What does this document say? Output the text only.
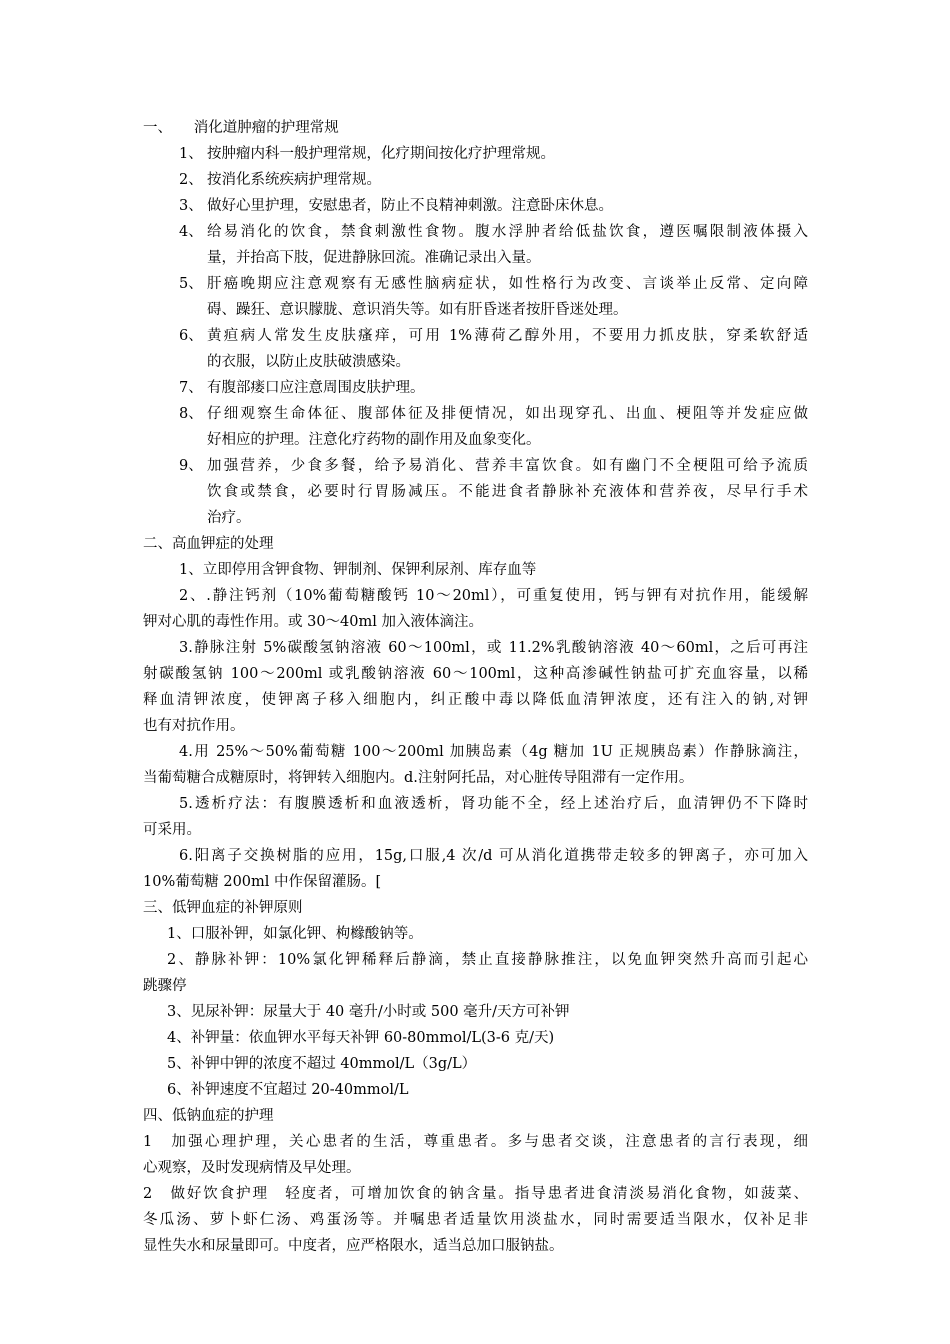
一、　　消化道肿瘤的护理常规
1、 按肿瘤内科一般护理常规，化疗期间按化疗护理常规。
2、 按消化系统疾病护理常规。
3、 做好心里护理，安慰患者，防止不良精神刺激。注意卧床休息。
4、 给易消化的饮食，禁食刺激性食物。腹水浮肿者给低盐饮食，遵医嘱限制液体摄入
量，并抬高下肢，促进静脉回流。准确记录出入量。
5、 肝癌晚期应注意观察有无感性脑病症状，如性格行为改变、言谈举止反常、定向障
碍、躁狂、意识朦胧、意识消失等。如有肝昏迷者按肝昏迷处理。
6、 黄疸病人常发生皮肤瘙痒，可用 1%薄荷乙醇外用，不要用力抓皮肤，穿柔软舒适
的衣服，以防止皮肤破溃感染。
7、 有腹部瘘口应注意周围皮肤护理。
8、 仔细观察生命体征、腹部体征及排便情况，如出现穿孔、出血、梗阻等并发症应做
好相应的护理。注意化疗药物的副作用及血象变化。
9、 加强营养，少食多餐，给予易消化、营养丰富饮食。如有幽门不全梗阻可给予流质
饮食或禁食，必要时行胃肠减压。不能进食者静脉补充液体和营养夜，尽早行手术
治疗。
二、高血钾症的处理
1、立即停用含钾食物、钾制剂、保钾利尿剂、库存血等
2、.静注钙剂（10%葡萄糖酸钙 10～20ml），可重复使用，钙与钾有对抗作用，能缓解
钾对心肌的毒性作用。或 30～40ml 加入液体滴注。
3.静脉注射 5%碳酸氢钠溶液 60～100ml，或 11.2%乳酸钠溶液 40～60ml，之后可再注
射碳酸氢钠 100～200ml 或乳酸钠溶液 60～100ml，这种高渗碱性钠盐可扩充血容量，以稀
释血清钾浓度，使钾离子移入细胞内，纠正酸中毒以降低血清钾浓度，还有注入的钠,对钾
也有对抗作用。
4.用 25%～50%葡萄糖 100～200ml 加胰岛素（4g 糖加 1U 正规胰岛素）作静脉滴注，
当葡萄糖合成糖原时，将钾转入细胞内。d.注射阿托品，对心脏传导阻滞有一定作用。
5.透析疗法：有腹膜透析和血液透析，肾功能不全，经上述治疗后，血清钾仍不下降时
可采用。
6.阳离子交换树脂的应用，15g,口服,4 次/d 可从消化道携带走较多的钾离子，亦可加入
10%葡萄糖 200ml 中作保留灌肠。[
三、低钾血症的补钾原则
1、口服补钾，如氯化钾、枸橼酸钠等。
2、静脉补钾：10%氯化钾稀释后静滴，禁止直接静脉推注，以免血钾突然升高而引起心
跳骤停
3、见尿补钾：尿量大于 40 毫升/小时或 500 毫升/天方可补钾
4、补钾量：依血钾水平每天补钾 60-80mmol/L(3-6 克/天)
5、补钾中钾的浓度不超过 40mmol/L（3g/L）
6、补钾速度不宜超过 20-40mmol/L
四、低钠血症的护理
1　加强心理护理，关心患者的生活，尊重患者。多与患者交谈，注意患者的言行表现，细
心观察，及时发现病情及早处理。
2　做好饮食护理　轻度者，可增加饮食的钠含量。指导患者进食清淡易消化食物，如菠菜、
冬瓜汤、萝卜虾仁汤、鸡蛋汤等。并嘱患者适量饮用淡盐水，同时需要适当限水，仅补足非
显性失水和尿量即可。中度者，应严格限水，适当总加口服钠盐。
